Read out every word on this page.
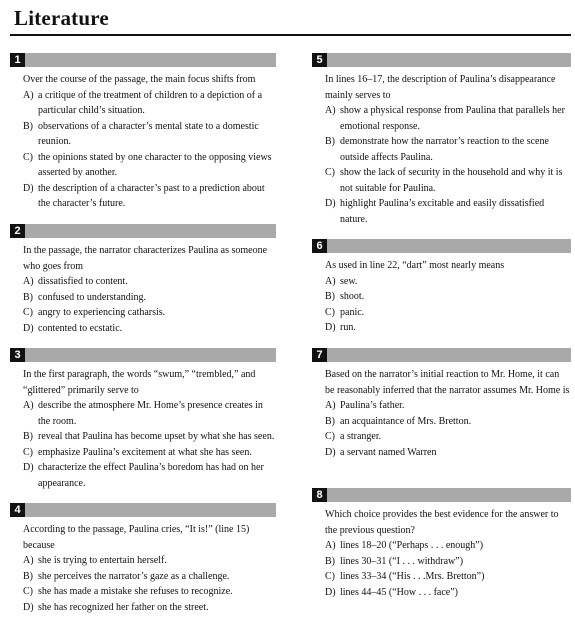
Literature
1
Over the course of the passage, the main focus shifts from
A) a critique of the treatment of children to a depiction of a particular child’s situation.
B) observations of a character’s mental state to a domestic reunion.
C) the opinions stated by one character to the opposing views asserted by another.
D) the description of a character’s past to a prediction about the character’s future.
2
In the passage, the narrator characterizes Paulina as someone who goes from
A) dissatisfied to content.
B) confused to understanding.
C) angry to experiencing catharsis.
D) contented to ecstatic.
3
In the first paragraph, the words “swum,” “trembled,” and “glittered” primarily serve to
A) describe the atmosphere Mr. Home’s presence creates in the room.
B) reveal that Paulina has become upset by what she has seen.
C) emphasize Paulina’s excitement at what she has seen.
D) characterize the effect Paulina’s boredom has had on her appearance.
4
According to the passage, Paulina cries, “It is!” (line 15) because
A) she is trying to entertain herself.
B) she perceives the narrator’s gaze as a challenge.
C) she has made a mistake she refuses to recognize.
D) she has recognized her father on the street.
5
In lines 16–17, the description of Paulina’s disappearance mainly serves to
A) show a physical response from Paulina that parallels her emotional response.
B) demonstrate how the narrator’s reaction to the scene outside affects Paulina.
C) show the lack of security in the household and why it is not suitable for Paulina.
D) highlight Paulina’s excitable and easily dissatisfied nature.
6
As used in line 22, “dart” most nearly means
A) sew.
B) shoot.
C) panic.
D) run.
7
Based on the narrator’s initial reaction to Mr. Home, it can be reasonably inferred that the narrator assumes Mr. Home is
A) Paulina’s father.
B) an acquaintance of Mrs. Bretton.
C) a stranger.
D) a servant named Warren
8
Which choice provides the best evidence for the answer to the previous question?
A) lines 18–20 (“Perhaps . . . enough”)
B) lines 30–31 (“I . . . withdraw”)
C) lines 33–34 (“His . . .Mrs. Bretton”)
D) lines 44–45 (“How . . . face”)
